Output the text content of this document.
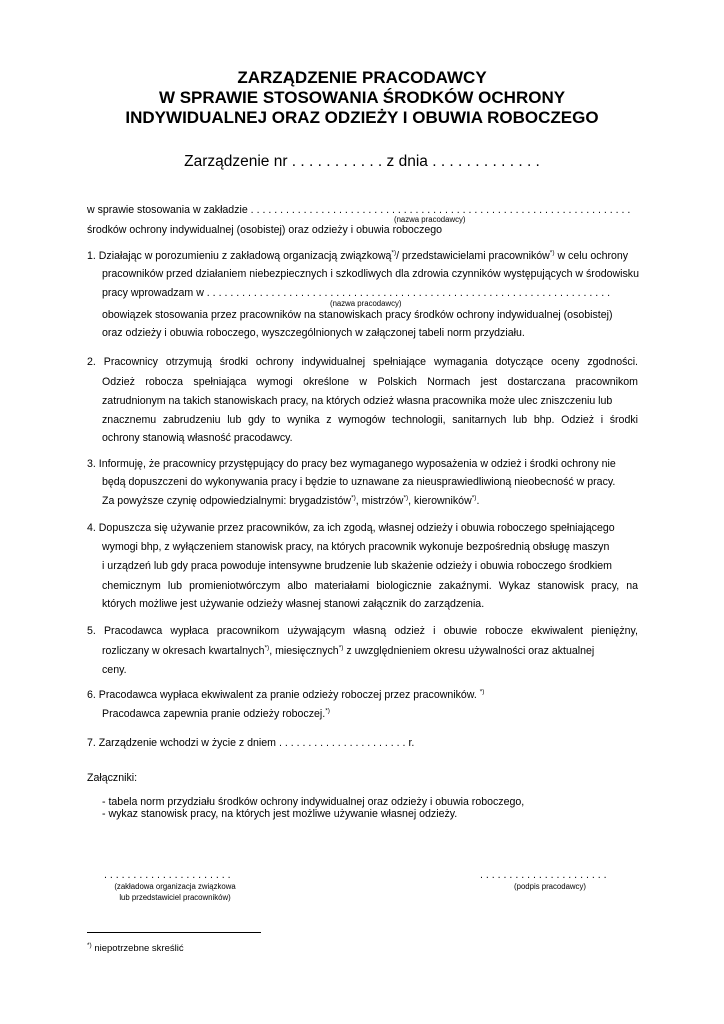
ZARZĄDZENIE PRACODAWCY
W SPRAWIE STOSOWANIA ŚRODKÓW OCHRONY
INDYWIDUALNEJ ORAZ ODZIEŻY I OBUWIA ROBOCZEGO
Zarządzenie nr . . . . . . . . . . . z dnia . . . . . . . . . . . . .
w sprawie stosowania w zakładzie . . . . . . . . . . . . . . . . . . . . . . . . . . . . . . . . . . . . . . . . . . . . . . . . . . . . . . . . . . . . . . . . .
(nazwa pracodawcy)
środków ochrony indywidualnej (osobistej) oraz odzieży i obuwia roboczego
1. Działając w porozumieniu z zakładową organizacją związkową*)/ przedstawicielami pracowników*) w celu ochrony
pracowników przed działaniem niebezpiecznych i szkodliwych dla zdrowia czynników występujących w środowisku
pracy wprowadzam w . . . . . . . . . . . . . . . . . . . . . . . . . . . . . . . . . . . . . . . . . . . . . . . . . . . . . . . . . . . . . . . . . . . . .
(nazwa pracodawcy)
obowiązek stosowania przez pracowników na stanowiskach pracy środków ochrony indywidualnej (osobistej)
oraz odzieży i obuwia roboczego, wyszczególnionych w załączonej tabeli norm przydziału.
2. Pracownicy otrzymują środki ochrony indywidualnej spełniające wymagania dotyczące oceny zgodności.
Odzież robocza spełniająca wymogi określone w Polskich Normach jest dostarczana pracownikom
zatrudnionym na takich stanowiskach pracy, na których odzież własna pracownika może ulec zniszczeniu lub
znacznemu zabrudzeniu lub gdy to wynika z wymogów technologii, sanitarnych lub bhp. Odzież i środki
ochrony stanowią własność pracodawcy.
3. Informuję, że pracownicy przystępujący do pracy bez wymaganego wyposażenia w odzież i środki ochrony nie
będą dopuszczeni do wykonywania pracy i będzie to uznawane za nieusprawiedliwioną nieobecność w pracy.
Za powyższe czynię odpowiedzialnymi: brygadzistów*), mistrzów*), kierowników*).
4. Dopuszcza się używanie przez pracowników, za ich zgodą, własnej odzieży i obuwia roboczego spełniającego
wymogi bhp, z wyłączeniem stanowisk pracy, na których pracownik wykonuje bezpośrednią obsługę maszyn
i urządzeń lub gdy praca powoduje intensywne brudzenie lub skażenie odzieży i obuwia roboczego środkiem
chemicznym lub promieniotwórczym albo materiałami biologicznie zakaźnymi. Wykaz stanowisk pracy, na
których możliwe jest używanie odzieży własnej stanowi załącznik do zarządzenia.
5. Pracodawca wypłaca pracownikom używającym własną odzież i obuwie robocze ekwiwalent pieniężny,
rozliczany w okresach kwartalnych*), miesięcznych*) z uwzględnieniem okresu używalności oraz aktualnej
ceny.
6. Pracodawca wypłaca ekwiwalent za pranie odzieży roboczej przez pracowników. *)
Pracodawca zapewnia pranie odzieży roboczej.*)
7. Zarządzenie wchodzi w życie z dniem . . . . . . . . . . . . . . . . . . . . . . r.
Załączniki:
- tabela norm przydziału środków ochrony indywidualnej oraz odzieży i obuwia roboczego,
- wykaz stanowisk pracy, na których jest możliwe używanie własnej odzieży.
. . . . . . . . . . . . . . . . . . . . . .
(zakładowa organizacja związkowa
lub przedstawiciel pracowników)
. . . . . . . . . . . . . . . . . . . . . .
(podpis pracodawcy)
*) niepotrzebne skreślić
